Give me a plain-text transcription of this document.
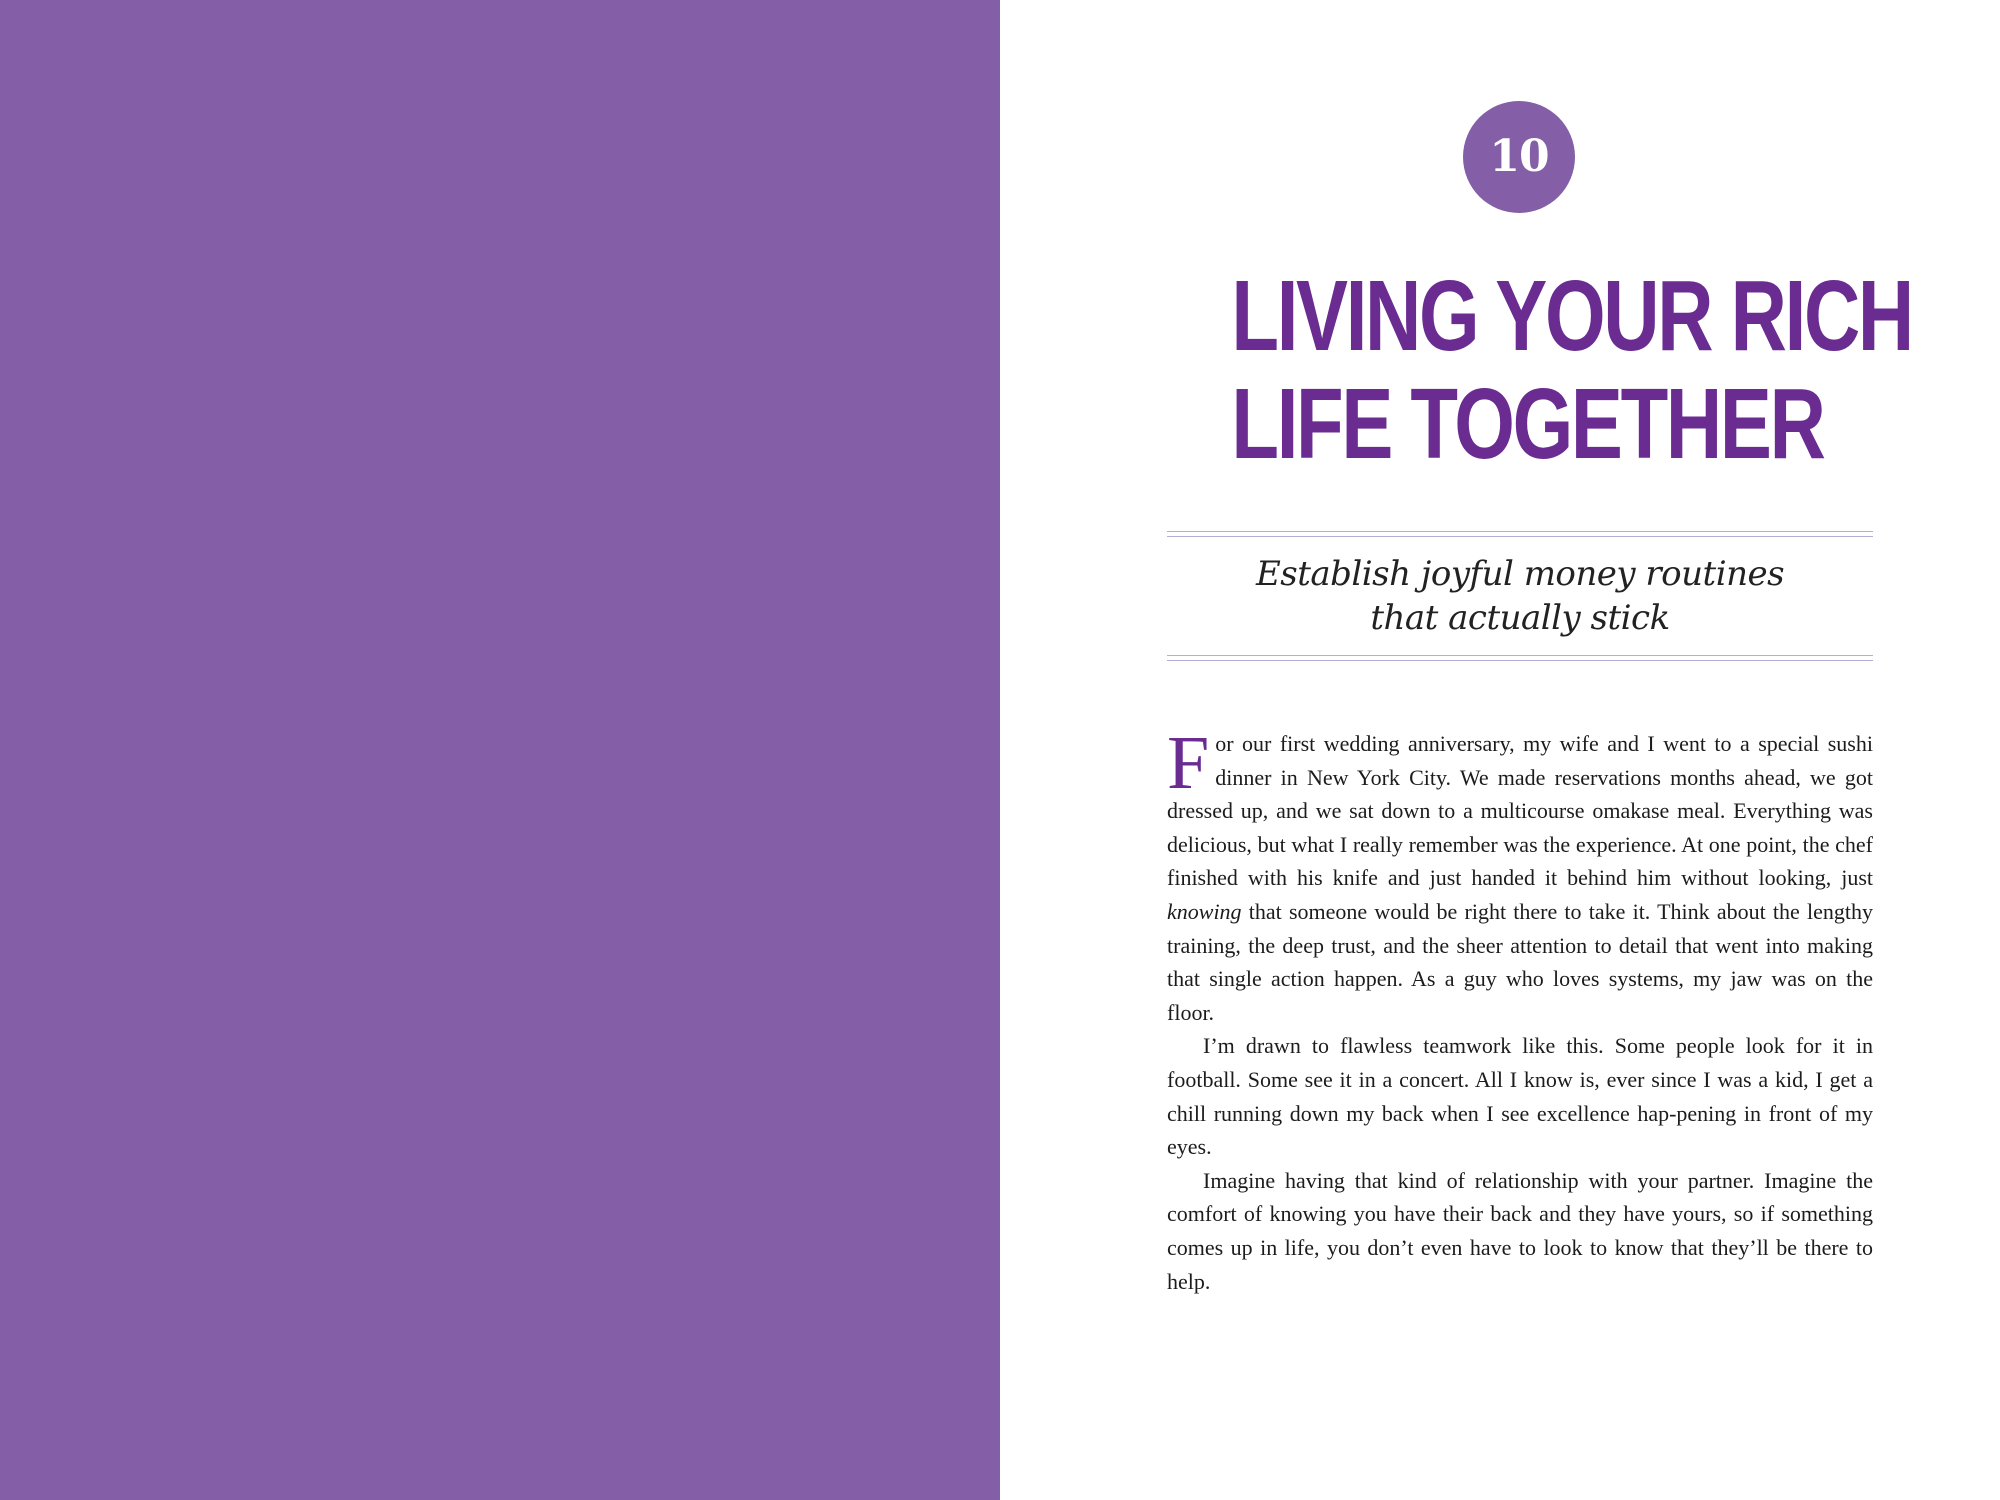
10
LIVING YOUR RICH
LIFE TOGETHER
Establish joyful money routines
that actually stick

For our first wedding anniversary, my wife and I went to a special sushi dinner in New York City. We made reservations months ahead, we got dressed up, and we sat down to a multicourse omakase meal. Everything was delicious, but what I really remember was the experience. At one point, the chef finished with his knife and just handed it behind him without looking, just knowing that someone would be right there to take it. Think about the lengthy training, the deep trust, and the sheer attention to detail that went into making that single action happen. As a guy who loves systems, my jaw was on the floor.

I’m drawn to flawless teamwork like this. Some people look for it in football. Some see it in a concert. All I know is, ever since I was a kid, I get a chill running down my back when I see excellence hap-pening in front of my eyes.

Imagine having that kind of relationship with your partner. Imagine the comfort of knowing you have their back and they have yours, so if something comes up in life, you don’t even have to look to know that they’ll be there to help.
